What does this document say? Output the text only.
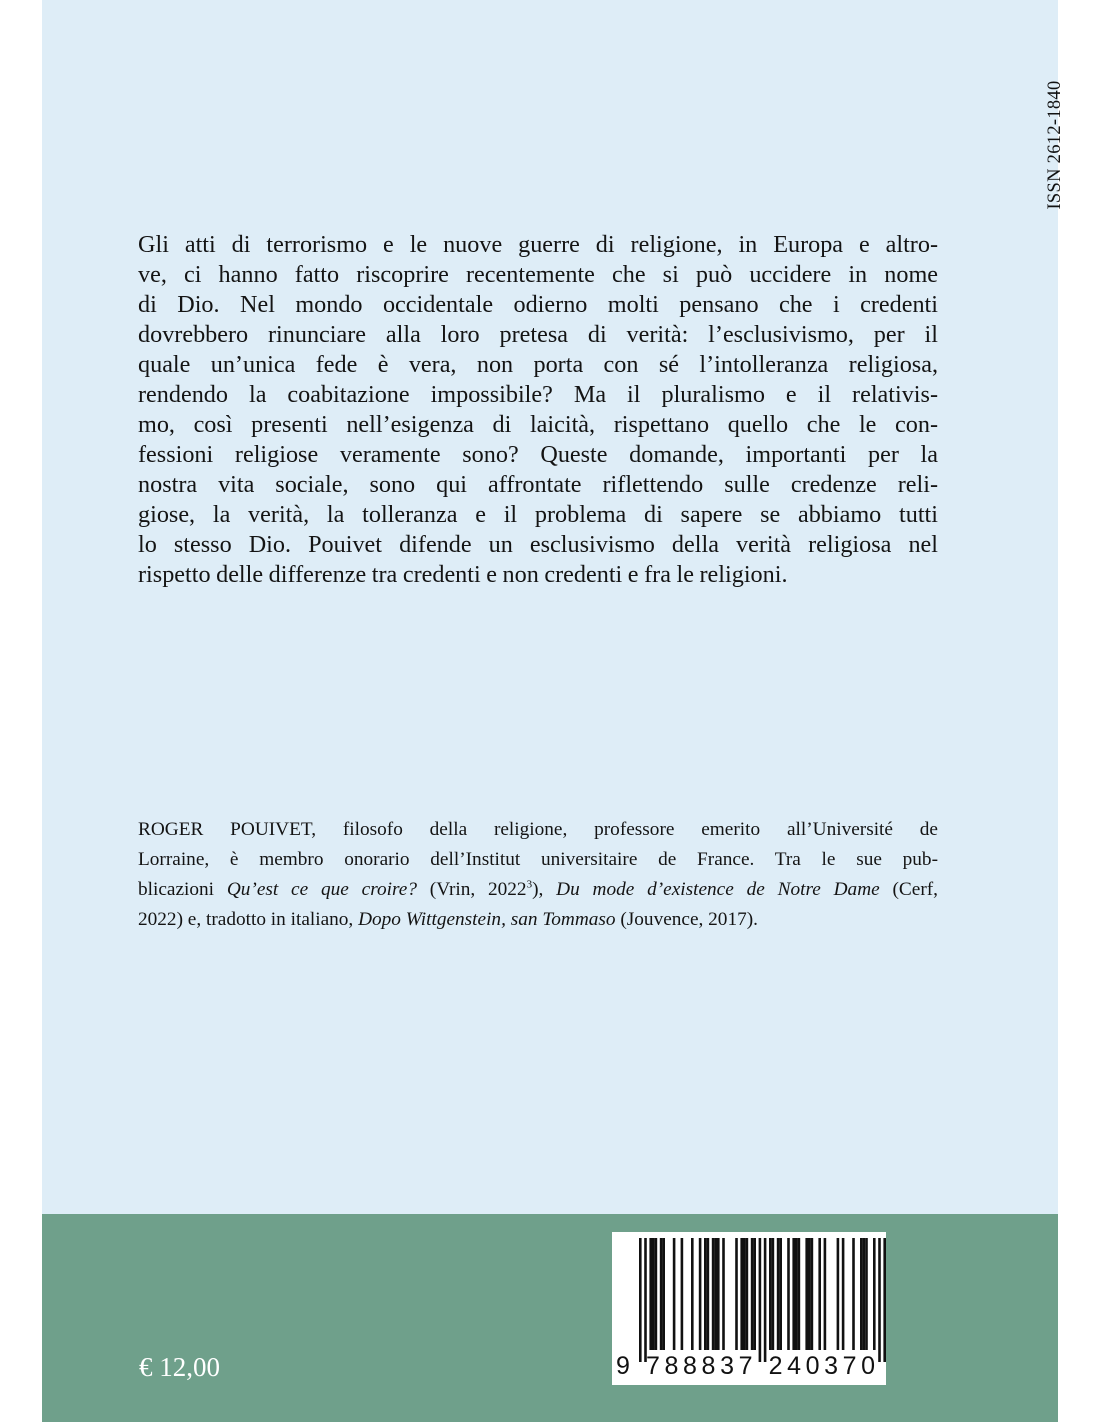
ISSN 2612-1840
Gli atti di terrorismo e le nuove guerre di religione, in Europa e altro-
ve, ci hanno fatto riscoprire recentemente che si può uccidere in nome
di Dio. Nel mondo occidentale odierno molti pensano che i credenti
dovrebbero rinunciare alla loro pretesa di verità: l’esclusivismo, per il
quale un’unica fede è vera, non porta con sé l’intolleranza religiosa,
rendendo la coabitazione impossibile? Ma il pluralismo e il relativis-
mo, così presenti nell’esigenza di laicità, rispettano quello che le con-
fessioni religiose veramente sono? Queste domande, importanti per la
nostra vita sociale, sono qui affrontate riflettendo sulle credenze reli-
giose, la verità, la tolleranza e il problema di sapere se abbiamo tutti
lo stesso Dio. Pouivet difende un esclusivismo della verità religiosa nel
rispetto delle differenze tra credenti e non credenti e fra le religioni.
ROGER POUIVET, filosofo della religione, professore emerito all’Université de
Lorraine, è membro onorario dell’Institut universitaire de France. Tra le sue pub-
blicazioni Qu’est ce que croire? (Vrin, 2022$^3$), Du mode d’existence de Notre Dame (Cerf,
2022) e, tradotto in italiano, Dopo Wittgenstein, san Tommaso (Jouvence, 2017).
€ 12,00	9 788837 240370
